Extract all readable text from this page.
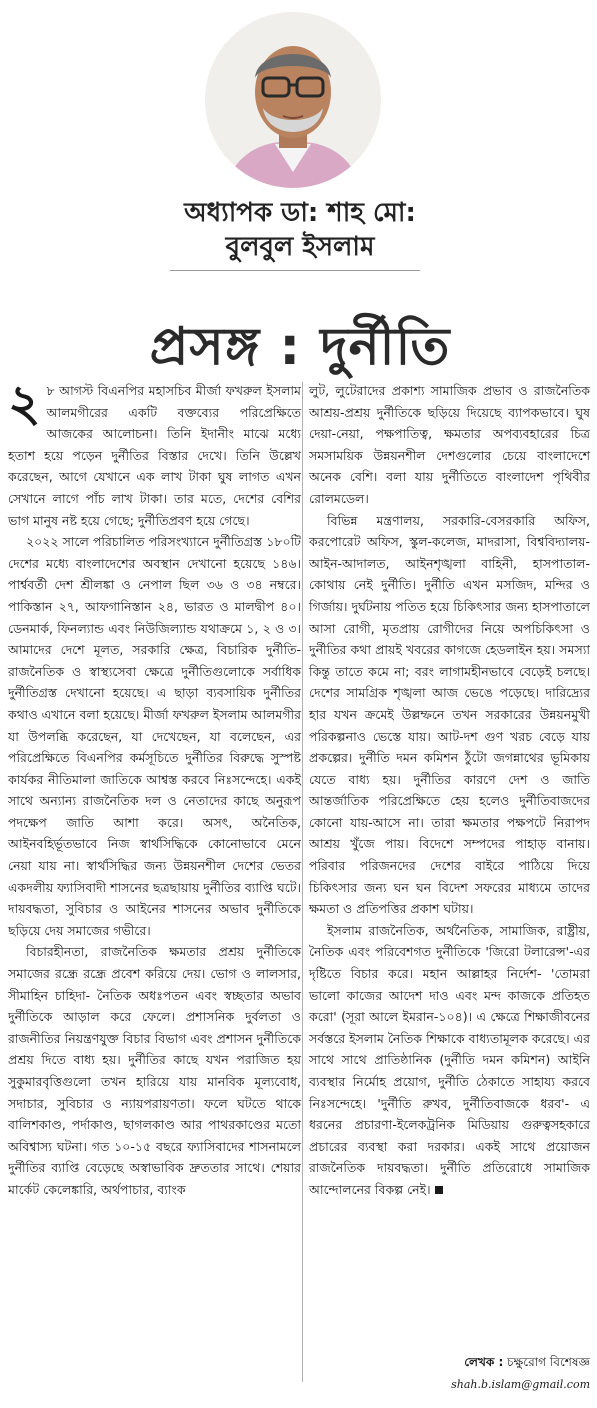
অধ্যাপক ডা: শাহ মো:
বুলবুল ইসলাম
প্রসঙ্গ : দুর্নীতি

২ ৮ আগস্ট বিএনপির মহাসচিব মীর্জা ফখরুল ইসলাম আলমগীরের একটি বক্তব্যের পরিপ্রেক্ষিতে আজকের আলোচনা। তিনি ইদানীং মাঝে মধ্যে হতাশ হয়ে পড়েন দুর্নীতির বিস্তার দেখে। তিনি উল্লেখ করেছেন, আগে যেখানে এক লাখ টাকা ঘুষ লাগত এখন সেখানে লাগে পাঁচ লাখ টাকা। তার মতে, দেশের বেশির ভাগ মানুষ নষ্ট হয়ে গেছে; দুর্নীতিপ্রবণ হয়ে গেছে।

২০২২ সালে পরিচালিত পরিসংখ্যানে দুর্নীতিগ্রস্ত ১৮০টি দেশের মধ্যে বাংলাদেশের অবস্থান দেখানো হয়েছে ১৪৬। পার্শ্ববর্তী দেশ শ্রীলঙ্কা ও নেপাল ছিল ৩৬ ও ৩৪ নম্বরে। পাকিস্তান ২৭, আফগানিস্তান ২৪, ভারত ও মালদ্বীপ ৪০। ডেনমার্ক, ফিনল্যান্ড এবং নিউজিল্যান্ড যথাক্রমে ১, ২ ও ৩। আমাদের দেশে মূলত, সরকারি ক্ষেত্র, বিচারিক দুর্নীতি- রাজনৈতিক ও স্বাস্থ্যসেবা ক্ষেত্রে দুর্নীতিগুলোকে সর্বাধিক দুর্নীতিগ্রস্ত দেখানো হয়েছে। এ ছাড়া ব্যবসায়িক দুর্নীতির কথাও এখানে বলা হয়েছে। মীর্জা ফখরুল ইসলাম আলমগীর যা উপলব্ধি করেছেন, যা দেখেছেন, যা বলেছেন, এর পরিপ্রেক্ষিতে বিএনপির কর্মসূচিতে দুর্নীতির বিরুদ্ধে সুস্পষ্ট কার্যকর নীতিমালা জাতিকে আশ্বস্ত করবে নিঃসন্দেহে। একই সাথে অন্যান্য রাজনৈতিক দল ও নেতাদের কাছে অনুরূপ পদক্ষেপ জাতি আশা করে। অসৎ, অনৈতিক, আইনবহির্ভূতভাবে নিজ স্বার্থসিদ্ধিকে কোনোভাবে মেনে নেয়া যায় না। স্বার্থসিদ্ধির জন্য উন্নয়নশীল দেশের ভেতর একদলীয় ফ্যাসিবাদী শাসনের ছত্রছায়ায় দুর্নীতির ব্যাপ্তি ঘটে। দায়বদ্ধতা, সুবিচার ও আইনের শাসনের অভাব দুর্নীতিকে ছড়িয়ে দেয় সমাজের গভীরে।

বিচারহীনতা, রাজনৈতিক ক্ষমতার প্রশ্রয় দুর্নীতিকে সমাজের রন্ধ্রে রন্ধ্রে প্রবেশ করিয়ে দেয়। ভোগ ও লালসার, সীমাহিন চাহিদা- নৈতিক অধঃপতন এবং স্বচ্ছতার অভাব দুর্নীতিকে আড়াল করে ফেলে। প্রশাসনিক দুর্বলতা ও রাজনীতির নিয়ন্ত্রণযুক্ত বিচার বিভাগ এবং প্রশাসন দুর্নীতিকে প্রশ্রয় দিতে বাধ্য হয়। দুর্নীতির কাছে যখন পরাজিত হয় সুকুমারবৃত্তিগুলো তখন হারিয়ে যায় মানবিক মূল্যবোধ, সদাচার, সুবিচার ও ন্যায়পরায়ণতা। ফলে ঘটতে থাকে বালিশকাণ্ড, পর্দাকাণ্ড, ছাগলকাণ্ড আর পাথরকাণ্ডের মতো অবিশ্বাস্য ঘটনা। গত ১০-১৫ বছরে ফ্যাসিবাদের শাসনামলে দুর্নীতির ব্যাপ্তি বেড়েছে অস্বাভাবিক দ্রুততার সাথে। শেয়ার মার্কেট কেলেঙ্কারি, অর্থপাচার, ব্যাংক

লুট, লুটেরাদের প্রকাশ্য সামাজিক প্রভাব ও রাজনৈতিক আশ্রয়-প্রশ্রয় দুর্নীতিকে ছড়িয়ে দিয়েছে ব্যাপকভাবে। ঘুষ দেয়া-নেয়া, পক্ষপাতিত্ব, ক্ষমতার অপব্যবহারের চিত্র সমসাময়িক উন্নয়নশীল দেশগুলোর চেয়ে বাংলাদেশে অনেক বেশি। বলা যায় দুর্নীতিতে বাংলাদেশ পৃথিবীর রোলমডেল।

বিভিন্ন মন্ত্রণালয়, সরকারি-বেসরকারি অফিস, করপোরেট অফিস, স্কুল-কলেজ, মাদরাসা, বিশ্ববিদ্যালয়- আইন-আদালত, আইনশৃঙ্খলা বাহিনী, হাসপাতাল- কোথায় নেই দুর্নীতি। দুর্নীতি এখন মসজিদ, মন্দির ও গির্জায়। দুর্ঘটনায় পতিত হয়ে চিকিৎসার জন্য হাসপাতালে আসা রোগী, মৃতপ্রায় রোগীদের নিয়ে অপচিকিৎসা ও দুর্নীতির কথা প্রায়ই খবরের কাগজে হেডলাইন হয়। সমস্যা কিন্তু তাতে কমে না; বরং লাগামহীনভাবে বেড়েই চলছে। দেশের সামগ্রিক শৃঙ্খলা আজ ভেঙে পড়েছে। দারিদ্র্যের হার যখন ক্রমেই উল্লম্ফনে তখন সরকারের উন্নয়নমুখী পরিকল্পনাও ভেস্তে যায়। আট-দশ গুণ খরচ বেড়ে যায় প্রকল্পের। দুর্নীতি দমন কমিশন ঠুঁটো জগন্নাথের ভূমিকায় যেতে বাধ্য হয়। দুর্নীতির কারণে দেশ ও জাতি আন্তর্জাতিক পরিপ্রেক্ষিতে হেয় হলেও দুর্নীতিবাজদের কোনো যায়-আসে না। তারা ক্ষমতার পক্ষপটে নিরাপদ আশ্রয় খুঁজে পায়। বিদেশে সম্পদের পাহাড় বানায়। পরিবার পরিজনদের দেশের বাইরে পাঠিয়ে দিয়ে চিকিৎসার জন্য ঘন ঘন বিদেশ সফরের মাধ্যমে তাদের ক্ষমতা ও প্রতিপত্তির প্রকাশ ঘটায়।

ইসলাম রাজনৈতিক, অর্থনৈতিক, সামাজিক, রাষ্ট্রীয়, নৈতিক এবং পরিবেশগত দুর্নীতিকে 'জিরো টলারেন্স'-এর দৃষ্টিতে বিচার করে। মহান আল্লাহর নির্দেশ- 'তোমরা ভালো কাজের আদেশ দাও এবং মন্দ কাজকে প্রতিহত করো' (সূরা আলে ইমরান-১০৪)। এ ক্ষেত্রে শিক্ষাজীবনের সর্বস্তরে ইসলাম নৈতিক শিক্ষাকে বাধ্যতামূলক করেছে। এর সাথে সাথে প্রাতিষ্ঠানিক (দুর্নীতি দমন কমিশন) আইনি ব্যবস্থার নির্মোহ প্রয়োগ, দুর্নীতি ঠেকাতে সাহায্য করবে নিঃসন্দেহে। 'দুর্নীতি রুখব, দুর্নীতিবাজকে ধরব'- এ ধরনের প্রচারণা-ইলেকট্রনিক মিডিয়ায় গুরুত্বসহকারে প্রচারের ব্যবস্থা করা দরকার। একই সাথে প্রয়োজন রাজনৈতিক দায়বদ্ধতা। দুর্নীতি প্রতিরোধে সামাজিক আন্দোলনের বিকল্প নেই।

লেখক : চক্ষুরোগ বিশেষজ্ঞ
shah.b.islam@gmail.com
